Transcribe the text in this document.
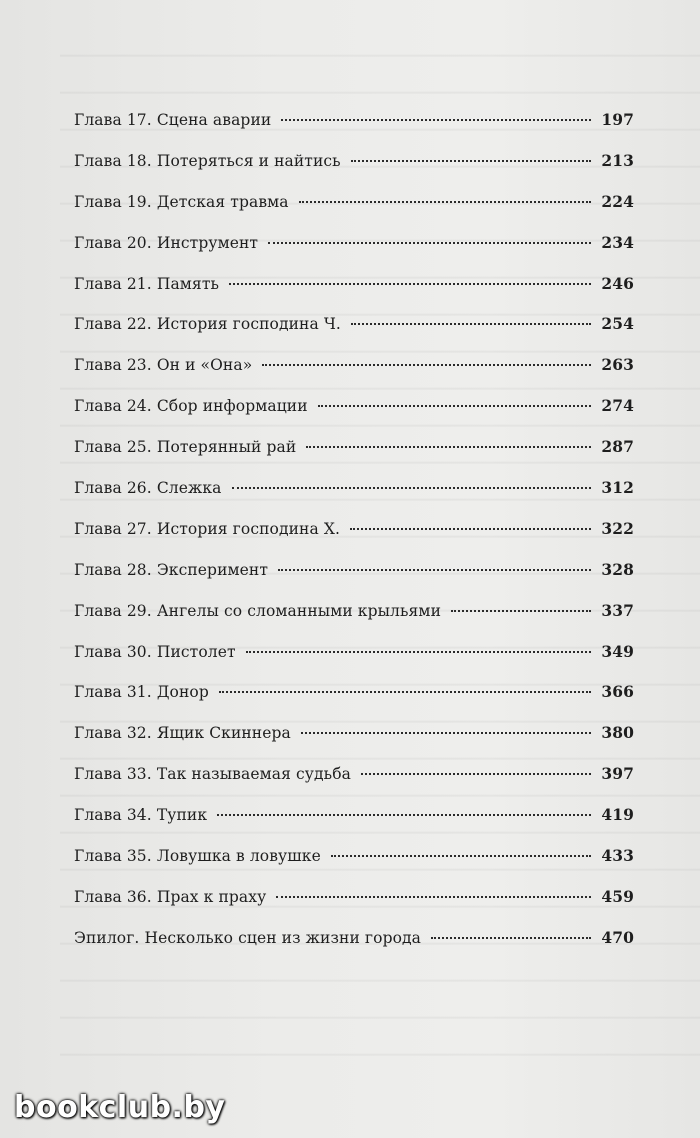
Глава 17. Сцена аварии	197
Глава 18. Потеряться и найтись	213
Глава 19. Детская травма	224
Глава 20. Инструмент	234
Глава 21. Память	246
Глава 22. История господина Ч.	254
Глава 23. Он и «Она»	263
Глава 24. Сбор информации	274
Глава 25. Потерянный рай	287
Глава 26. Слежка	312
Глава 27. История господина Х.	322
Глава 28. Эксперимент	328
Глава 29. Ангелы со сломанными крыльями	337
Глава 30. Пистолет	349
Глава 31. Донор	366
Глава 32. Ящик Скиннера	380
Глава 33. Так называемая судьба	397
Глава 34. Тупик	419
Глава 35. Ловушка в ловушке	433
Глава 36. Прах к праху	459
Эпилог. Несколько сцен из жизни города	470
bookclub.by
